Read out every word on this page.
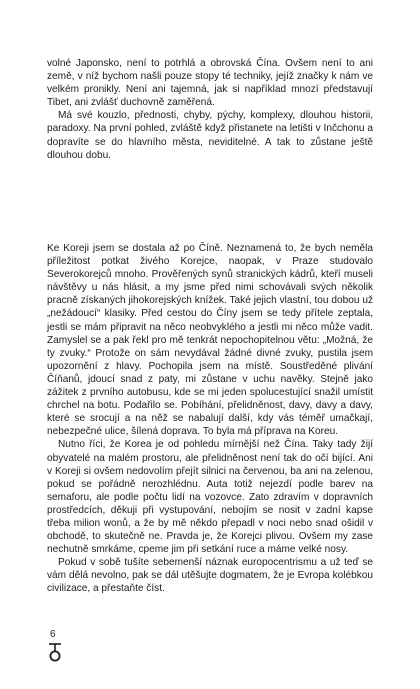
volné Japonsko, není to potrhlá a obrovská Čína. Ovšem není to ani země, v níž bychom našli pouze stopy té techniky, jejíž značky k nám ve velkém pronikly. Není ani tajemná, jak si například mnozí představují Tibet, ani zvlášť duchovně zaměřená.

Má své kouzlo, přednosti, chyby, pýchy, komplexy, dlouhou historii, paradoxy. Na první pohled, zvláště když přistanete na letišti v Inčchonu a dopravíte se do hlavního města, neviditelné. A tak to zůstane ještě dlouhou dobu.

Ke Koreji jsem se dostala až po Číně. Neznamená to, že bych neměla příležitost potkat živého Korejce, naopak, v Praze studovalo Severokorejců mnoho. Prověřených synů stranických kádrů, kteří museli návštěvy u nás hlásit, a my jsme před nimi schovávali svých několik pracně získaných jihokorejských knížek. Také jejich vlastní, tou dobou už „nežádoucí“ klasiky. Před cestou do Číny jsem se tedy přítele zeptala, jestli se mám připravit na něco neobvyklého a jestli mi něco může vadit. Zamyslel se a pak řekl pro mě tenkrát nepochopitelnou větu: „Možná, že ty zvuky.“ Protože on sám nevydával žádné divné zvuky, pustila jsem upozornění z hlavy. Pochopila jsem na místě. Soustředěné plivání Číňanů, jdoucí snad z paty, mi zůstane v uchu navěky. Stejně jako zážitek z prvního autobusu, kde se mi jeden spolucestující snažil umístit chrchel na botu. Podařilo se. Pobíhání, přelidněnost, davy, davy a davy, které se srocují a na něž se nabalují další, kdy vás téměř umačkají, nebezpečné ulice, šílená doprava. To byla má příprava na Koreu.

Nutno říci, že Korea je od pohledu mírnější než Čína. Taky tady žijí obyvatelé na malém prostoru, ale přelidněnost není tak do očí bijící. Ani v Koreji si ovšem nedovolím přejít silnici na červenou, ba ani na zelenou, pokud se pořádně nerozhlédnu. Auta totiž nejezdí podle barev na semaforu, ale podle počtu lidí na vozovce. Zato zdravím v dopravních prostředcích, děkuji při vystupování, nebojím se nosit v zadní kapse třeba milion wonů, a že by mě někdo přepadl v noci nebo snad ošidil v obchodě, to skutečně ne. Pravda je, že Korejci plivou. Ovšem my zase nechutně smrkáme, cpeme jim při setkání ruce a máme velké nosy.

Pokud v sobě tušíte sebemenší náznak europocentrismu a už teď se vám dělá nevolno, pak se dál utěšujte dogmatem, že je Evropa kolébkou civilizace, a přestaňte číst.

6
